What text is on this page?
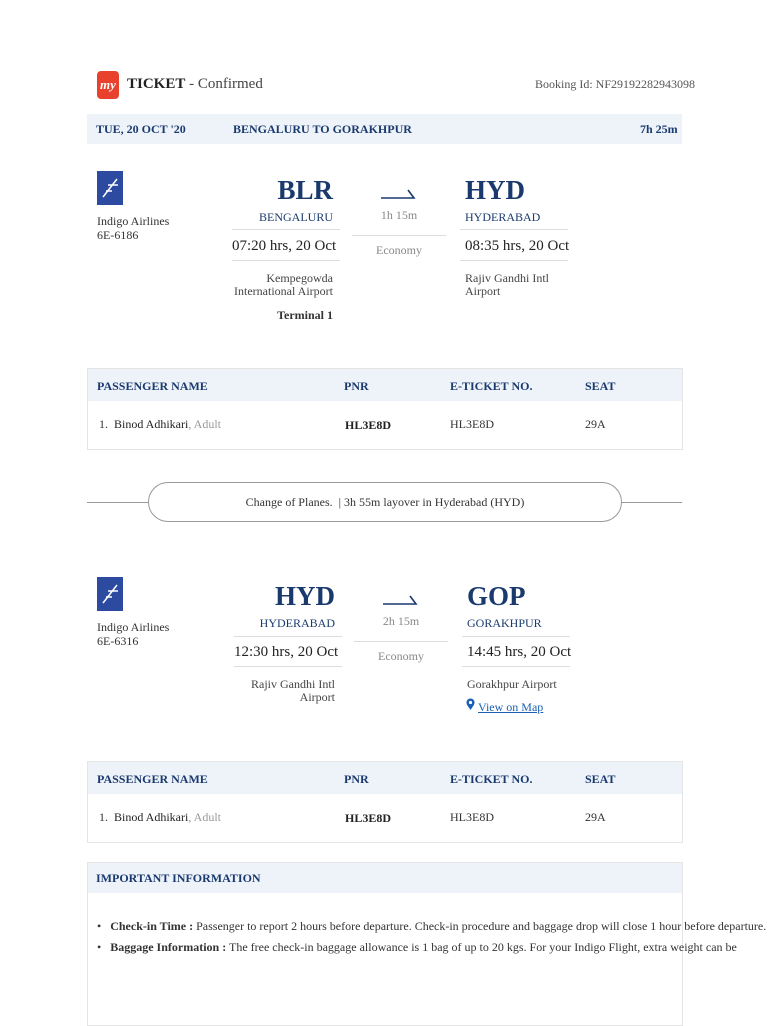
my TICKET - Confirmed	Booking Id: NF29192282943098
TUE, 20 OCT '20	BENGALURU TO GORAKHPUR	7h 25m
Indigo Airlines
6E-6186
BLR
BENGALURU
07:20 hrs, 20 Oct
Kempegowda
International Airport
Terminal 1
1h 15m
Economy
HYD
HYDERABAD
08:35 hrs, 20 Oct
Rajiv Gandhi Intl
Airport
PASSENGER NAME	PNR	E-TICKET NO.	SEAT
1. Binod Adhikari, Adult	HL3E8D	HL3E8D	29A
Change of Planes.  | 3h 55m layover in Hyderabad (HYD)
Indigo Airlines
6E-6316
HYD
HYDERABAD
12:30 hrs, 20 Oct
Rajiv Gandhi Intl
Airport
2h 15m
Economy
GOP
GORAKHPUR
14:45 hrs, 20 Oct
Gorakhpur Airport
View on Map
PASSENGER NAME	PNR	E-TICKET NO.	SEAT
1. Binod Adhikari, Adult	HL3E8D	HL3E8D	29A
IMPORTANT INFORMATION
•   Check-in Time : Passenger to report 2 hours before departure. Check-in procedure and baggage drop will close 1 hour before departure.
•   Baggage Information : The free check-in baggage allowance is 1 bag of up to 20 kgs. For your Indigo Flight, extra weight can be
